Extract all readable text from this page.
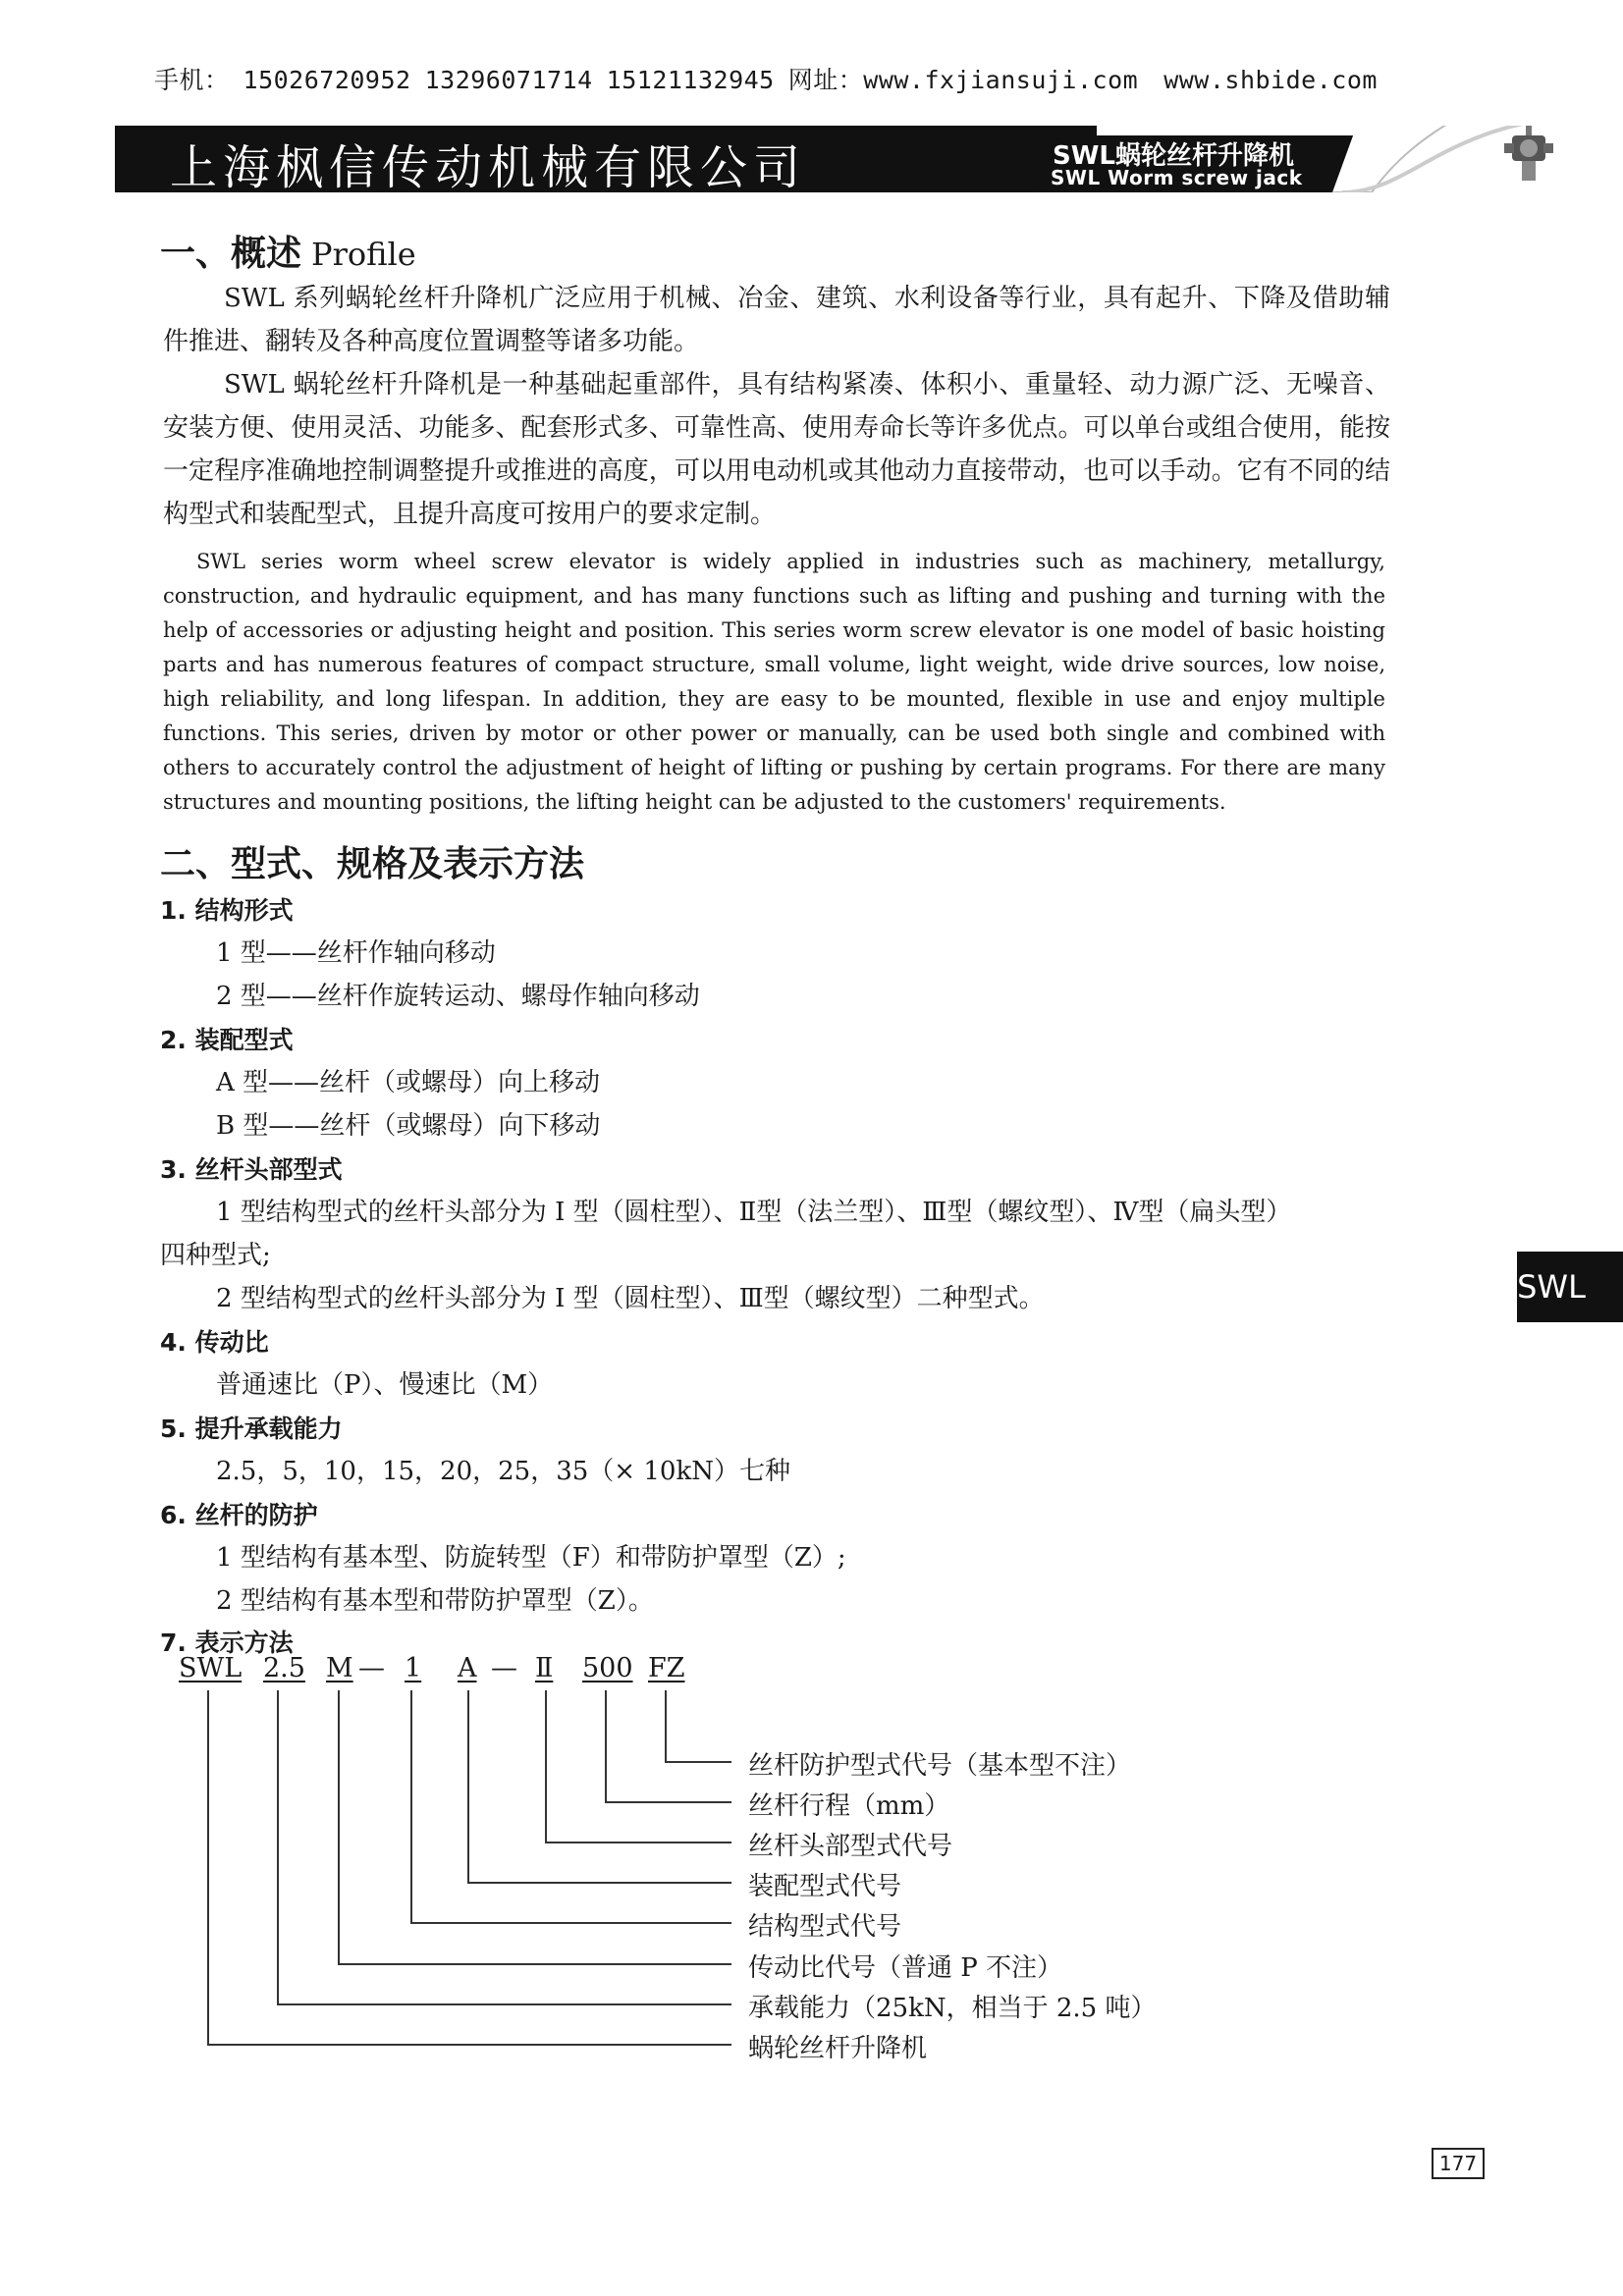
手机： 15026720952 13296071714 15121132945 网址：www.fxjiansuji.com www.shbide.com
上海枫信传动机械有限公司	SWL蜗轮丝杆升降机
SWL Worm screw jack
一、概述 Profile
SWL 系列蜗轮丝杆升降机广泛应用于机械、冶金、建筑、水利设备等行业，具有起升、下降及借助辅件推进、翻转及各种高度位置调整等诸多功能。
SWL 蜗轮丝杆升降机是一种基础起重部件，具有结构紧凑、体积小、重量轻、动力源广泛、无噪音、安装方便、使用灵活、功能多、配套形式多、可靠性高、使用寿命长等许多优点。可以单台或组合使用，能按一定程序准确地控制调整提升或推进的高度，可以用电动机或其他动力直接带动，也可以手动。它有不同的结构型式和装配型式，且提升高度可按用户的要求定制。
SWL series worm wheel screw elevator is widely applied in industries such as machinery, metallurgy, construction, and hydraulic equipment, and has many functions such as lifting and pushing and turning with the help of accessories or adjusting height and position. This series worm screw elevator is one model of basic hoisting parts and has numerous features of compact structure, small volume, light weight, wide drive sources, low noise, high reliability, and long lifespan. In addition, they are easy to be mounted, flexible in use and enjoy multiple functions. This series, driven by motor or other power or manually, can be used both single and combined with others to accurately control the adjustment of height of lifting or pushing by certain programs. For there are many structures and mounting positions, the lifting height can be adjusted to the customers' requirements.
二、型式、规格及表示方法
1. 结构形式
1 型——丝杆作轴向移动
2 型——丝杆作旋转运动、螺母作轴向移动
2. 装配型式
A 型——丝杆（或螺母）向上移动
B 型——丝杆（或螺母）向下移动
3. 丝杆头部型式
1 型结构型式的丝杆头部分为 I 型（圆柱型）、Ⅱ型（法兰型）、Ⅲ型（螺纹型）、Ⅳ型（扁头型）
四种型式;
2 型结构型式的丝杆头部分为 I 型（圆柱型）、Ⅲ型（螺纹型）二种型式。
4. 传动比
普通速比（P）、慢速比（M）
5. 提升承载能力
2.5，5，10，15，20，25，35（× 10kN）七种
6. 丝杆的防护
1 型结构有基本型、防旋转型（F）和带防护罩型（Z）;
2 型结构有基本型和带防护罩型（Z）。
7. 表示方法
SWL 2.5 M — 1 A — Ⅱ 500 FZ
丝杆防护型式代号（基本型不注）
丝杆行程（mm）
丝杆头部型式代号
装配型式代号
结构型式代号
传动比代号（普通 P 不注）
承载能力（25kN，相当于 2.5 吨）
蜗轮丝杆升降机
SWL
177
